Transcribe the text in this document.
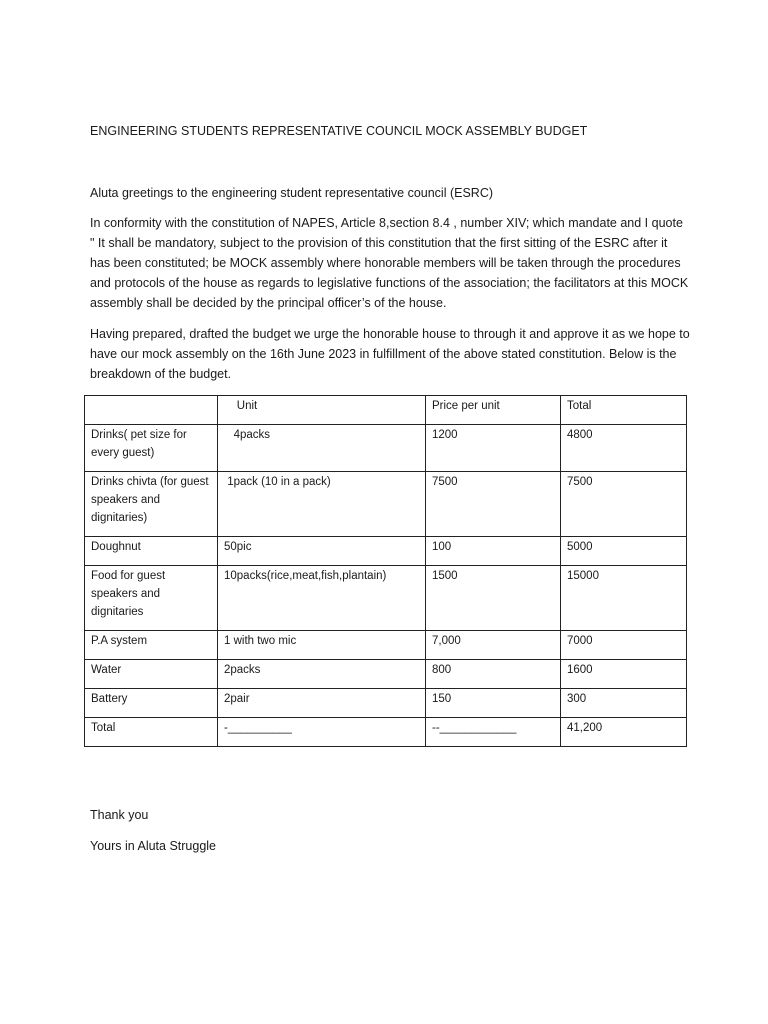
ENGINEERING STUDENTS REPRESENTATIVE COUNCIL MOCK ASSEMBLY BUDGET

Aluta greetings to the engineering student representative council (ESRC)

In conformity with the constitution of NAPES, Article 8,section 8.4 , number XIV; which mandate and I quote " It shall be mandatory, subject to the provision of this constitution that the first sitting of the ESRC after it has been constituted; be MOCK assembly where honorable members will be taken through the procedures and protocols of the house as regards to legislative functions of the association; the facilitators at this MOCK assembly shall be decided by the principal officer’s of the house.

Having prepared, drafted the budget we urge the honorable house to through it and approve it as we hope to have our mock assembly on the 16th June 2023 in fulfillment of the above stated constitution. Below is the breakdown of the budget.

	Unit	Price per unit	Total
Drinks( pet size for every guest)	4packs	1200	4800
Drinks chivta (for guest speakers and dignitaries)	1pack (10 in a pack)	7500	7500
Doughnut	50pic	100	5000
Food for guest speakers and dignitaries	10packs(rice,meat,fish,plantain)	1500	15000
P.A system	1 with two mic	7,000	7000
Water	2packs	800	1600
Battery	2pair	150	300
Total	-__________	--____________	41,200
Thank you
Yours in Aluta Struggle
